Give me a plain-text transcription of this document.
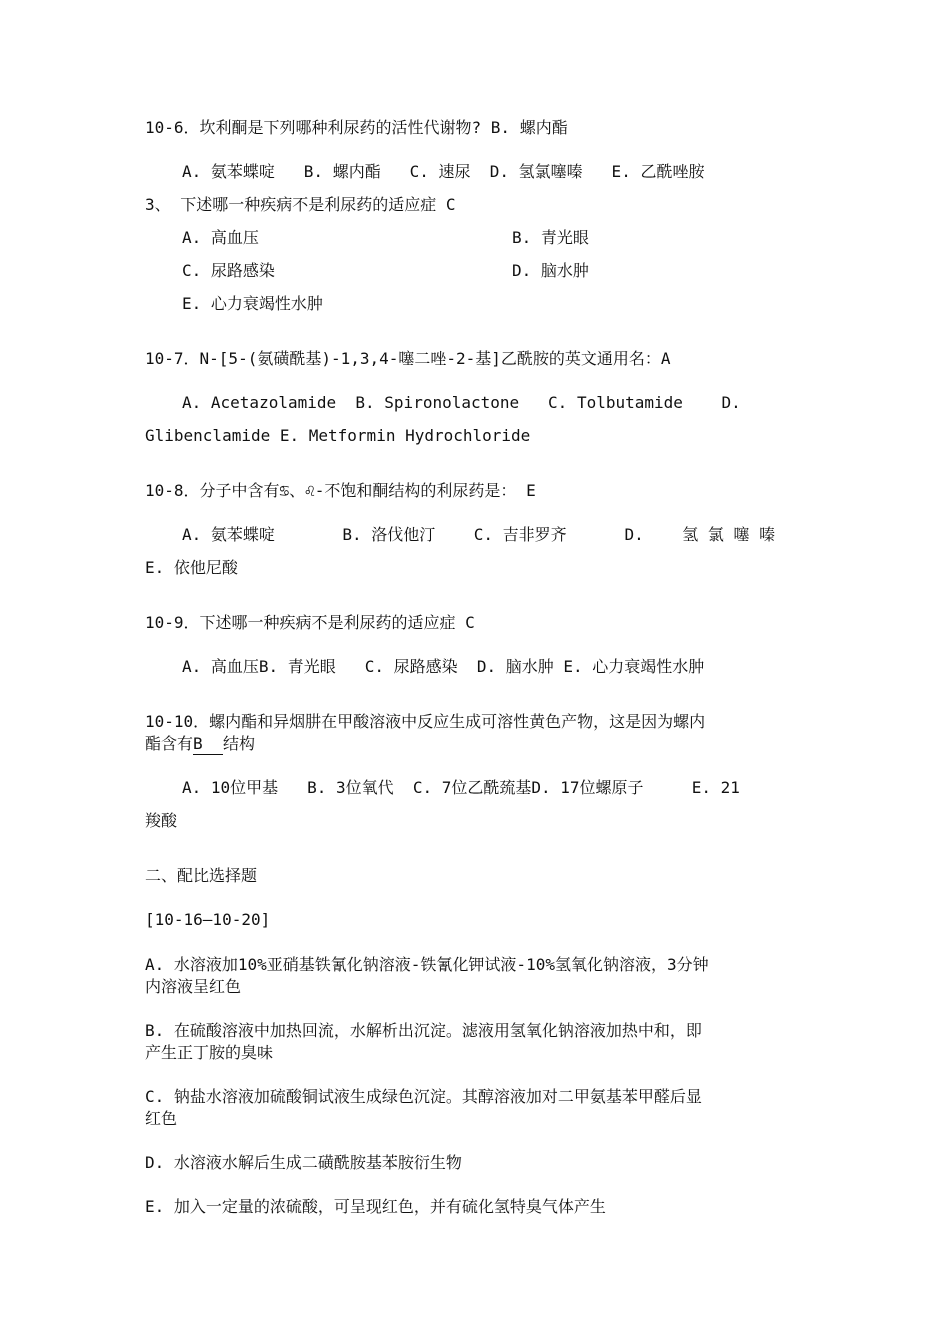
10-6．坎利酮是下列哪种利尿药的活性代谢物? B. 螺内酯
A. 氨苯蝶啶   B. 螺内酯   C. 速尿  D. 氢氯噻嗪   E. 乙酰唑胺
3、 下述哪一种疾病不是利尿药的适应症 C
A. 高血压	B. 青光眼
C. 尿路感染	D. 脑水肿
E. 心力衰竭性水肿
10-7．N-[5-(氨磺酰基)-1,3,4-噻二唑-2-基]乙酰胺的英文通用名：A
A. Acetazolamide  B. Spironolactone   C. Tolbutamide    D.
Glibenclamide E. Metformin Hydrochloride
10-8．分子中含有♋、♌-不饱和酮结构的利尿药是： E
A. 氨苯蝶啶       B. 洛伐他汀    C. 吉非罗齐      D.    氢 氯 噻 嗪
E. 依他尼酸
10-9．下述哪一种疾病不是利尿药的适应症 C
A. 高血压B. 青光眼   C. 尿路感染  D. 脑水肿 E. 心力衰竭性水肿
10-10．螺内酯和异烟肼在甲酸溶液中反应生成可溶性黄色产物，这是因为螺内
酯含有B 结构
A. 10位甲基   B. 3位氧代  C. 7位乙酰巯基D. 17位螺原子     E. 21
羧酸
二、配比选择题
[10-16—10-20]
A. 水溶液加10%亚硝基铁氰化钠溶液-铁氰化钾试液-10%氢氧化钠溶液，3分钟
内溶液呈红色
B. 在硫酸溶液中加热回流，水解析出沉淀。滤液用氢氧化钠溶液加热中和，即
产生正丁胺的臭味
C. 钠盐水溶液加硫酸铜试液生成绿色沉淀。其醇溶液加对二甲氨基苯甲醛后显
红色
D. 水溶液水解后生成二磺酰胺基苯胺衍生物
E. 加入一定量的浓硫酸，可呈现红色，并有硫化氢特臭气体产生
